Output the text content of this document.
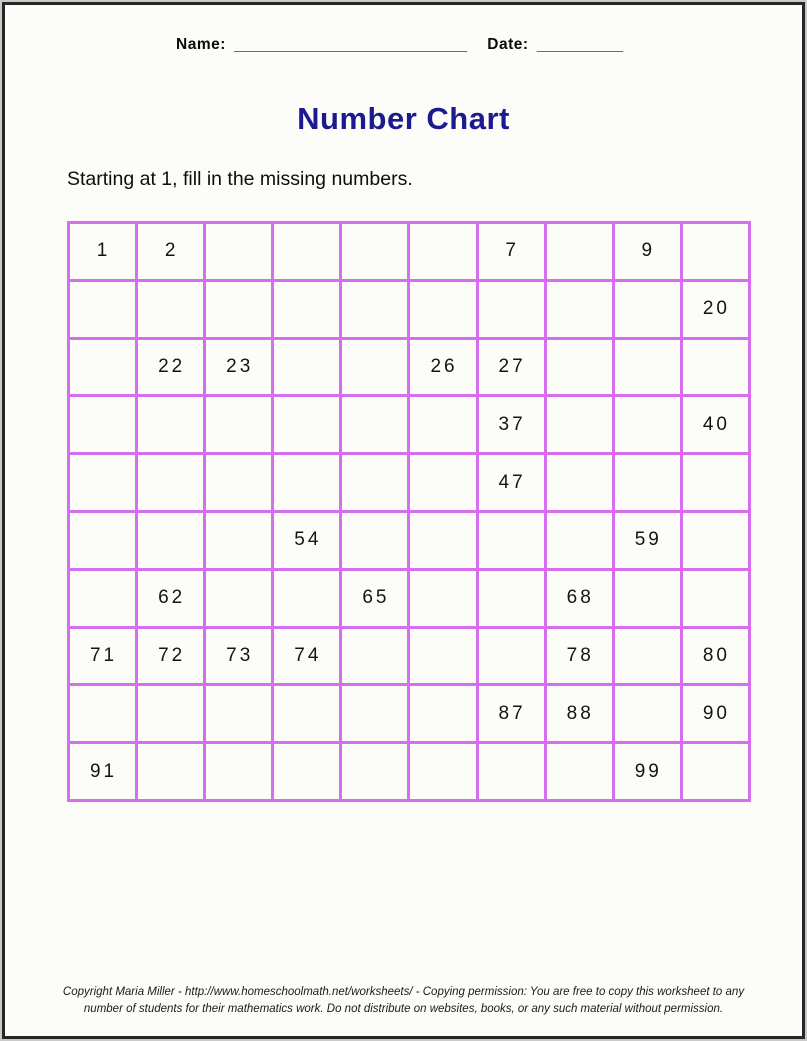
Name: ___________________________ Date: __________
Number Chart

Starting at 1, fill in the missing numbers.

1	2					7		9	
									20
	22	23			26	27			
						37			40
						47			
			54					59	
	62			65			68		
71	72	73	74				78		80
						87	88		90
91								99	
Copyright Maria Miller - http://www.homeschoolmath.net/worksheets/ - Copying permission: You are free to copy this worksheet to any
number of students for their mathematics work. Do not distribute on websites, books, or any such material without permission.
